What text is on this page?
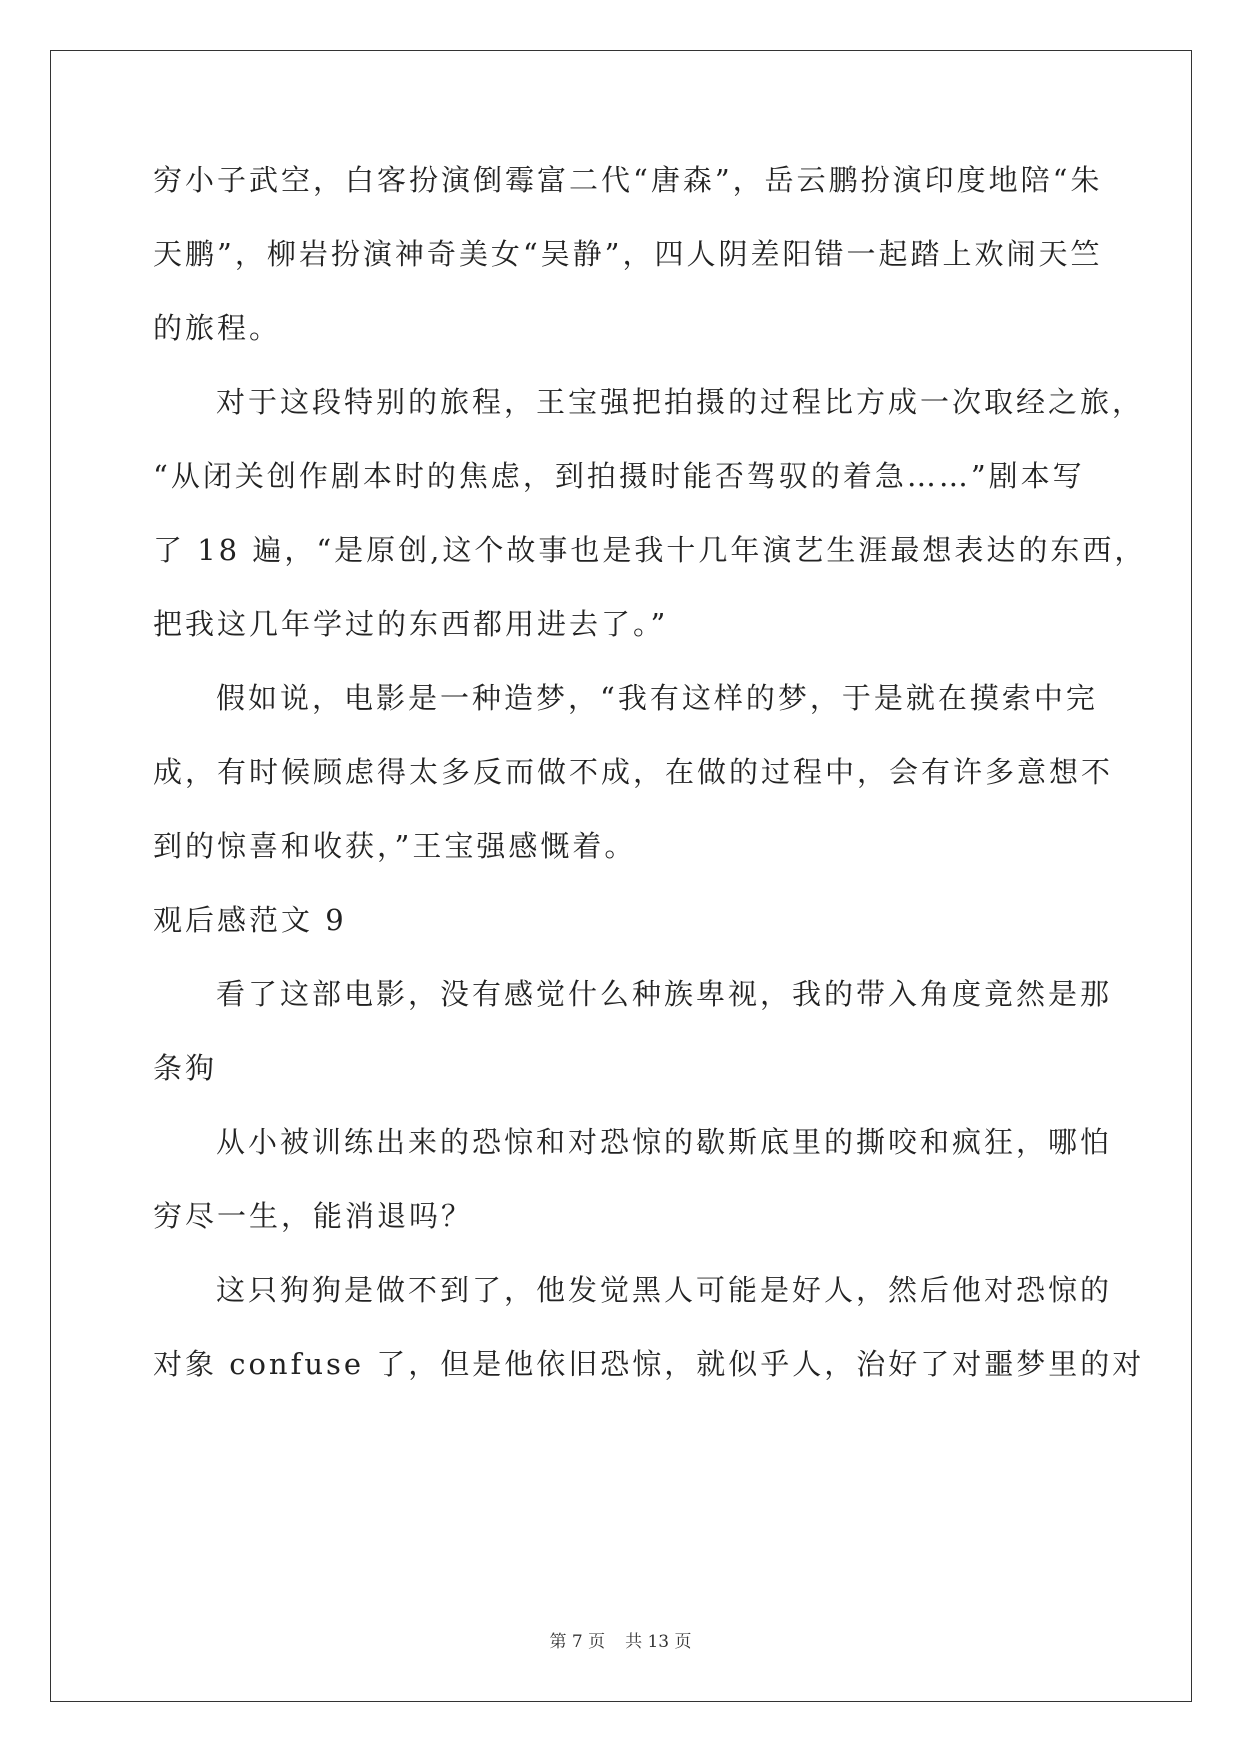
穷小子武空，白客扮演倒霉富二代“唐森”，岳云鹏扮演印度地陪“朱
天鹏”，柳岩扮演神奇美女“吴静”，四人阴差阳错一起踏上欢闹天竺
的旅程。
对于这段特别的旅程，王宝强把拍摄的过程比方成一次取经之旅，
“从闭关创作剧本时的焦虑，到拍摄时能否驾驭的着急……”剧本写
了 18 遍，“是原创,这个故事也是我十几年演艺生涯最想表达的东西，
把我这几年学过的东西都用进去了。”
假如说，电影是一种造梦，“我有这样的梦，于是就在摸索中完
成，有时候顾虑得太多反而做不成，在做的过程中，会有许多意想不
到的惊喜和收获，”王宝强感慨着。
观后感范文 9
看了这部电影，没有感觉什么种族卑视，我的带入角度竟然是那
条狗
从小被训练出来的恐惊和对恐惊的歇斯底里的撕咬和疯狂，哪怕
穷尽一生，能消退吗？
这只狗狗是做不到了，他发觉黑人可能是好人，然后他对恐惊的
对象 confuse 了，但是他依旧恐惊，就似乎人，治好了对噩梦里的对
第 7 页 共 13 页
